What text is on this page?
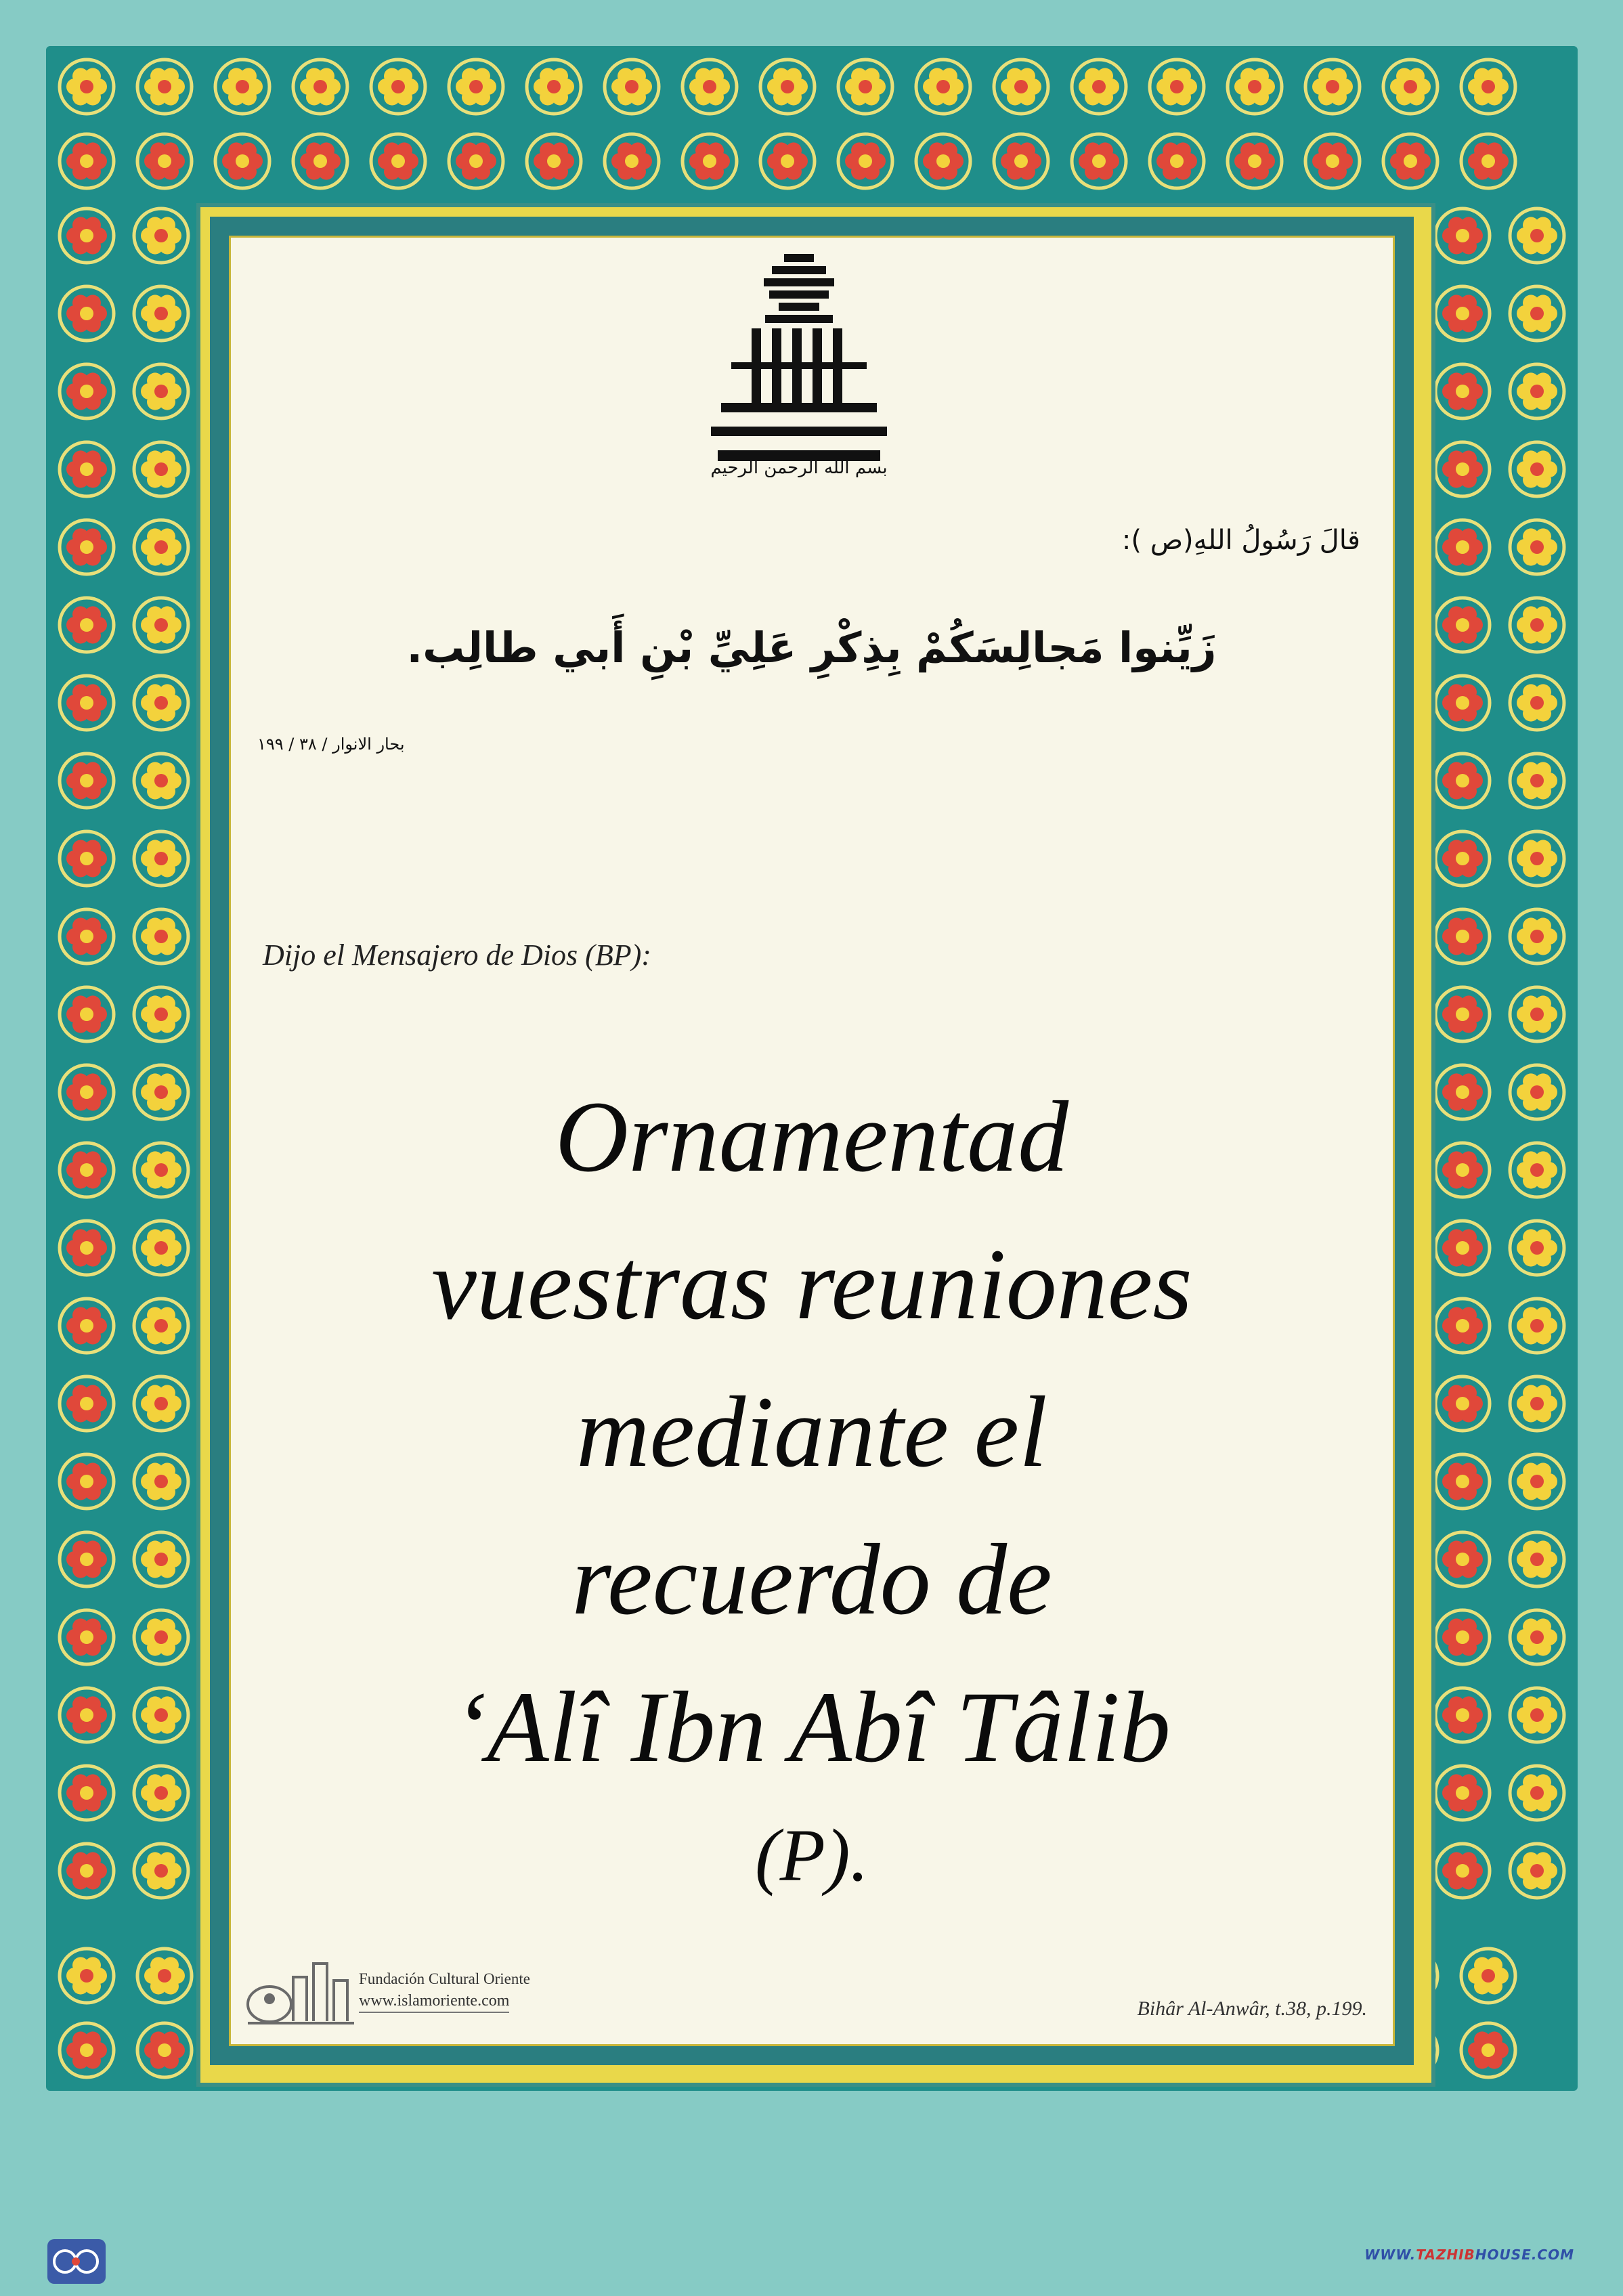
بسم الله الرحمن الرحيم
قالَ رَسُولُ اللهِ(ص ):
زَيِّنوا مَجالِسَكُمْ بِذِكْرِ عَلِيِّ بْنِ أَبي طالِب.
بحار الانوار / ٣٨ / ١٩٩
Dijo el Mensajero de Dios (BP):
Ornamentad
vuestras reuniones
mediante el
recuerdo de
‘Alî Ibn Abî Tâlib
(P).
Fundación Cultural Oriente
www.islamoriente.com	Bihâr Al-Anwâr, t.38, p.199.
WWW.TAZHIBHOUSE.COM
